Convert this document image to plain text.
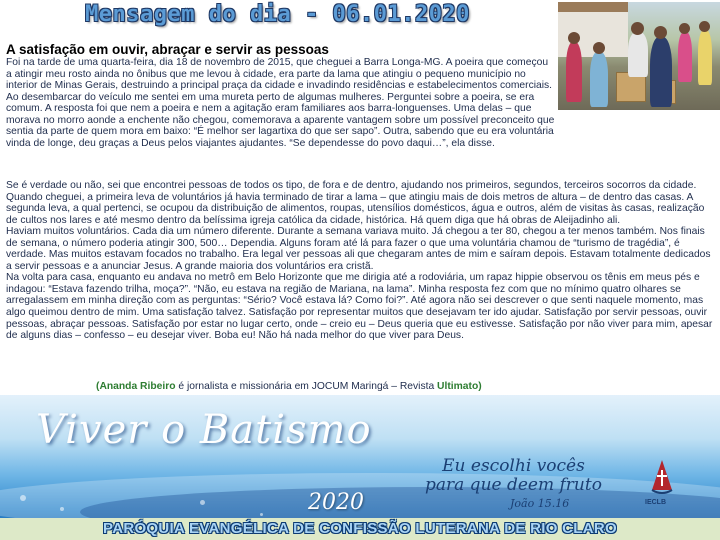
Mensagem do dia - 06.01.2020
A satisfação em ouvir, abraçar e servir as pessoas

Foi na tarde de uma quarta-feira, dia 18 de novembro de 2015, que cheguei a Barra Longa-MG. A poeira que começou a atingir meu rosto ainda no ônibus que me levou à cidade, era parte da lama que atingiu o pequeno município no interior de Minas Gerais, destruindo a principal praça da cidade e invadindo residências e estabelecimentos comerciais.

Ao desembarcar do veículo me sentei em uma mureta perto de algumas mulheres. Perguntei sobre a poeira, se era comum. A resposta foi que nem a poeira e nem a agitação eram familiares aos barra-longuenses. Uma delas – que morava no morro aonde a enchente não chegou, comemorava a aparente vantagem sobre um possível preconceito que sentia da parte de quem mora em baixo: “É melhor ser lagartixa do que ser sapo”. Outra, sabendo que eu era voluntária vinda de longe, deu graças a Deus pelos viajantes ajudantes. “Se dependesse do povo daqui…”, ela disse.

Se é verdade ou não, sei que encontrei pessoas de todos os tipo, de fora e de dentro, ajudando nos primeiros, segundos, terceiros socorros da cidade. Quando cheguei, a primeira leva de voluntários já havia terminado de tirar a lama – que atingiu mais de dois metros de altura – de dentro das casas. A segunda leva, a qual pertenci, se ocupou da distribuição de alimentos, roupas, utensílios domésticos, água e outros, além de visitas às casas, realização de cultos nos lares e até mesmo dentro da belíssima igreja católica da cidade, histórica. Há quem diga que há obras de Aleijadinho ali.

Haviam muitos voluntários. Cada dia um número diferente. Durante a semana variava muito. Já chegou a ter 80, chegou a ter menos também. Nos finais de semana, o número poderia atingir 300, 500… Dependia. Alguns foram até lá para fazer o que uma voluntária chamou de “turismo de tragédia”, é verdade. Mas muitos estavam focados no trabalho. Era legal ver pessoas ali que chegaram antes de mim e saíram depois. Estavam totalmente dedicados a servir pessoas e a anunciar Jesus. A grande maioria dos voluntários era cristã.

Na volta para casa, enquanto eu andava no metrô em Belo Horizonte que me dirigia até a rodoviária, um rapaz hippie observou os tênis em meus pés e indagou: “Estava fazendo trilha, moça?”. “Não, eu estava na região de Mariana, na lama”. Minha resposta fez com que no mínimo quatro olhares se arregalassem em minha direção com as perguntas: “Sério? Você estava lá? Como foi?”. Até agora não sei descrever o que senti naquele momento, mas algo queimou dentro de mim. Uma satisfação talvez. Satisfação por representar muitos que desejavam ter ido ajudar. Satisfação por servir pessoas, ouvir pessoas, abraçar pessoas. Satisfação por estar no lugar certo, onde – creio eu – Deus queria que eu estivesse. Satisfação por não viver para mim, apesar de alguns dias – confesso – eu desejar viver. Boba eu! Não há nada melhor do que viver para Deus.

(Ananda Ribeiro é jornalista e missionária em JOCUM Maringá – Revista Ultimato)
Viver o Batismo
2020
Eu escolhi vocês
para que deem fruto
João 15.16	IECLB
PARÓQUIA EVANGÉLICA DE CONFISSÃO LUTERANA DE RIO CLARO
